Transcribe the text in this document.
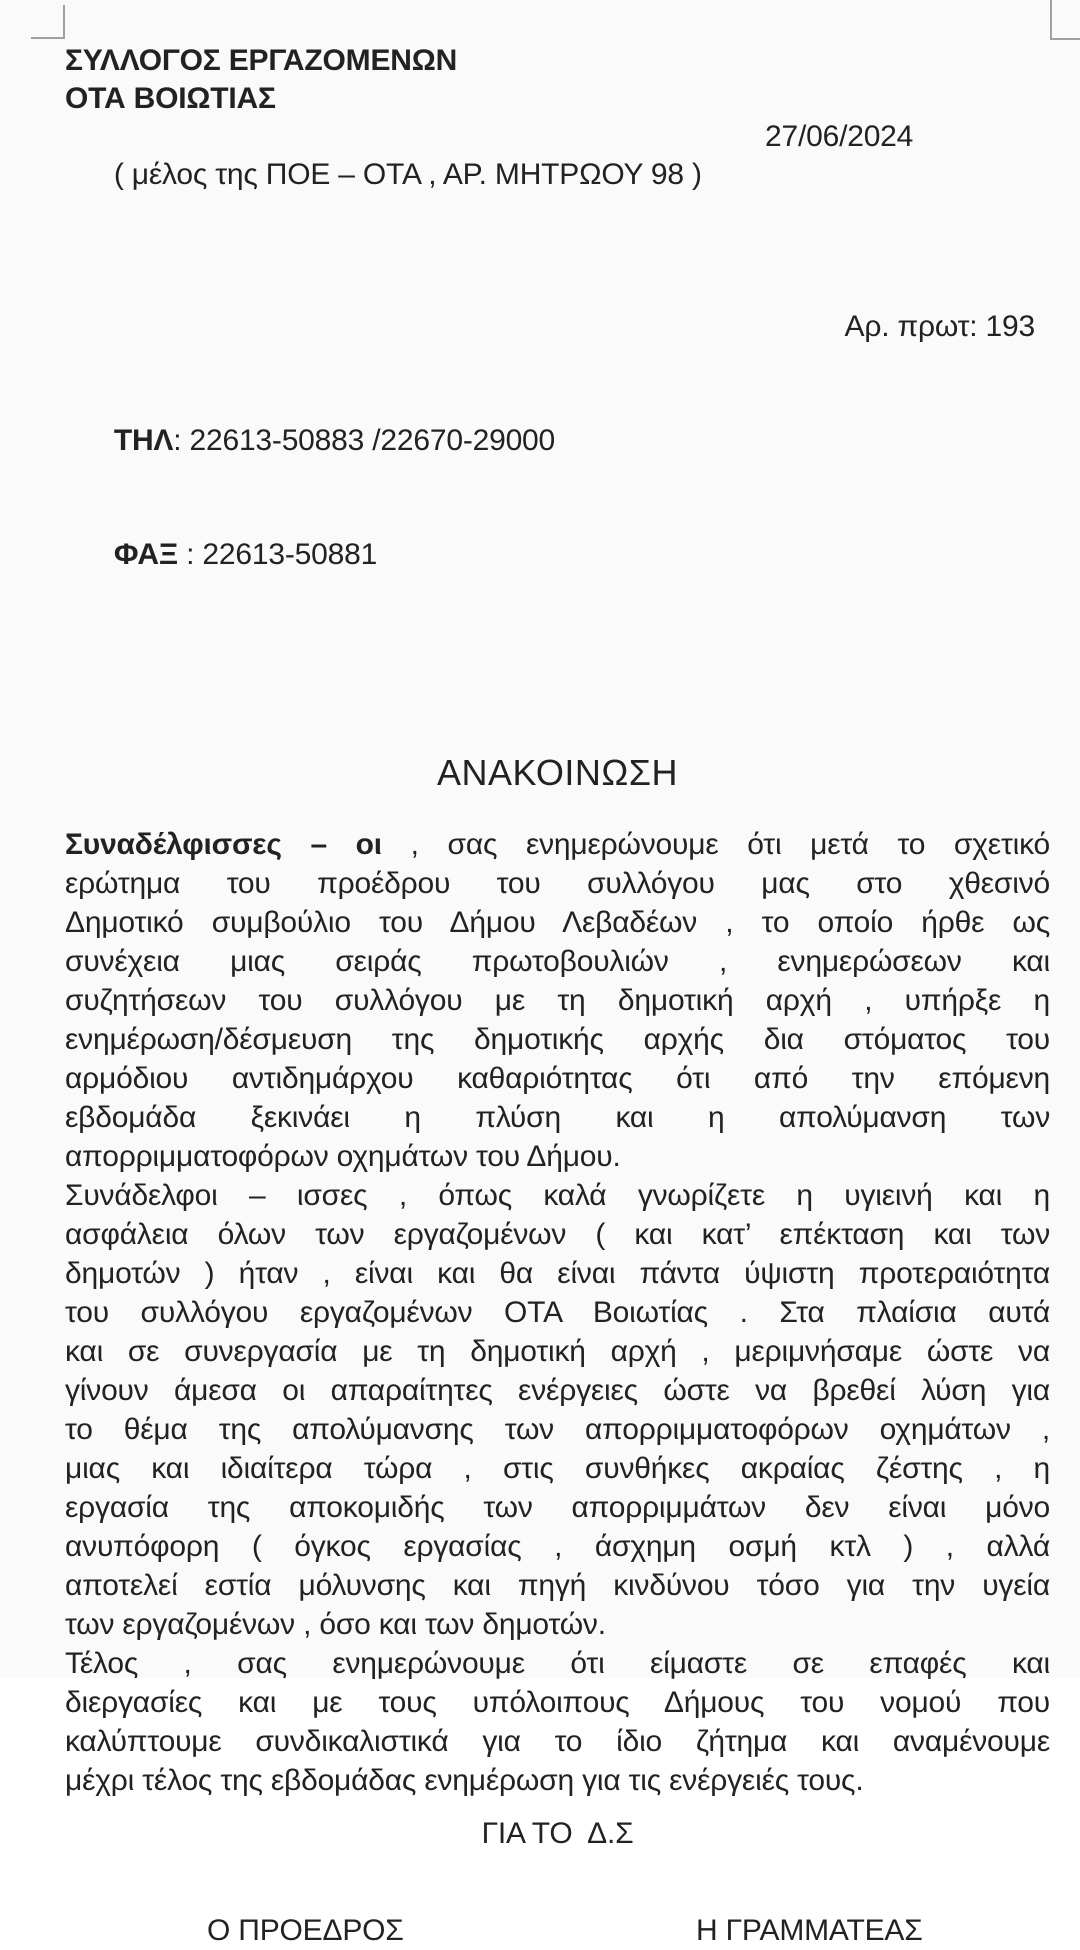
ΣΥΛΛΟΓΟΣ ΕΡΓΑΖΟΜΕΝΩΝ
ΟΤΑ ΒΟΙΩΤΙΑΣ

( μέλος της ΠΟΕ – ΟΤΑ , ΑΡ. ΜΗΤΡΩΟΥ 98 )

27/06/2024

Αρ. πρωτ: 193

ΤΗΛ: 22613-50883 /22670-29000

ΦΑΞ : 22613-50881

ΑΝΑΚΟΙΝΩΣΗ
Συναδέλφισσες – οι , σας ενημερώνουμε ότι μετά το σχετικό
ερώτημα του προέδρου του συλλόγου μας στο χθεσινό
Δημοτικό συμβούλιο του Δήμου Λεβαδέων , το οποίο ήρθε ως
συνέχεια μιας σειράς πρωτοβουλιών , ενημερώσεων και
συζητήσεων του συλλόγου με τη δημοτική αρχή , υπήρξε η
ενημέρωση/δέσμευση της δημοτικής αρχής δια στόματος του
αρμόδιου αντιδημάρχου καθαριότητας ότι από την επόμενη
εβδομάδα ξεκινάει η πλύση και η απολύμανση των
απορριμματοφόρων οχημάτων του Δήμου.
Συνάδελφοι – ισσες , όπως καλά γνωρίζετε η υγιεινή και η
ασφάλεια όλων των εργαζομένων ( και κατ’ επέκταση και των
δημοτών ) ήταν , είναι και θα είναι πάντα ύψιστη προτεραιότητα
του συλλόγου εργαζομένων ΟΤΑ Βοιωτίας . Στα πλαίσια αυτά
και σε συνεργασία με τη δημοτική αρχή , μεριμνήσαμε ώστε να
γίνουν άμεσα οι απαραίτητες ενέργειες ώστε να βρεθεί λύση για
το θέμα της απολύμανσης των απορριμματοφόρων οχημάτων ,
μιας και ιδιαίτερα τώρα , στις συνθήκες ακραίας ζέστης , η
εργασία της αποκομιδής των απορριμμάτων δεν είναι μόνο
ανυπόφορη ( όγκος εργασίας , άσχημη οσμή κτλ ) , αλλά
αποτελεί εστία μόλυνσης και πηγή κινδύνου τόσο για την υγεία
των εργαζομένων , όσο και των δημοτών.
Τέλος , σας ενημερώνουμε ότι είμαστε σε επαφές και
διεργασίες και με τους υπόλοιπους Δήμους του νομού που
καλύπτουμε συνδικαλιστικά για το ίδιο ζήτημα και αναμένουμε
μέχρι τέλος της εβδομάδας ενημέρωση για τις ενέργειές τους.
ΓΙΑ ΤΟ  Δ.Σ
Ο ΠΡΟΕΔΡΟΣ	Η ΓΡΑΜΜΑΤΕΑΣ
